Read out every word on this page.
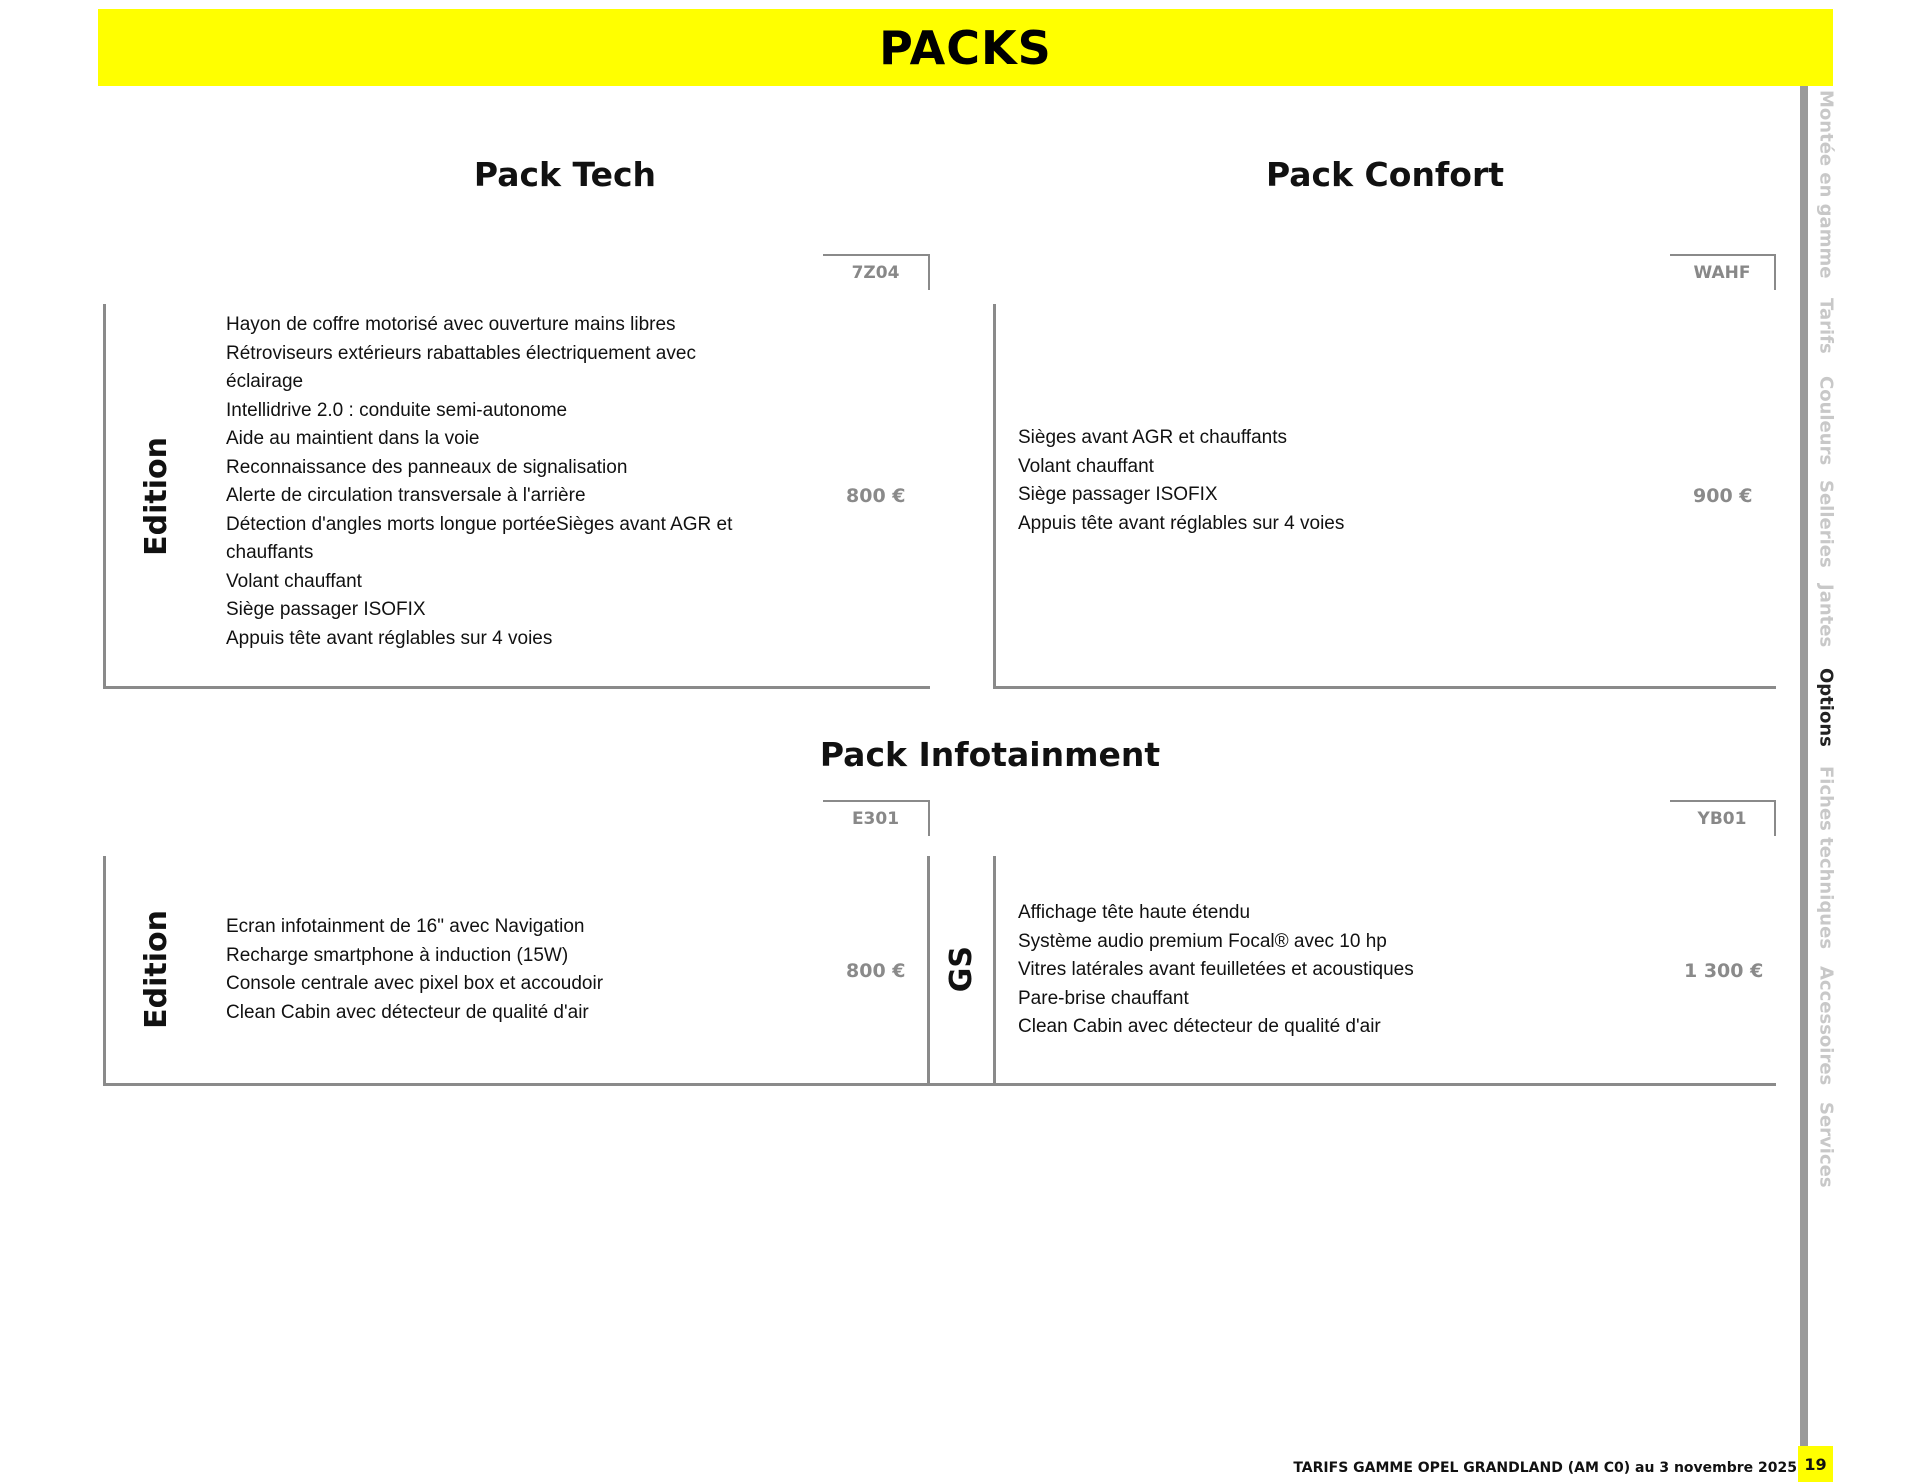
PACKS
Montée en gamme
Tarifs
Couleurs
Selleries
Jantes
Options
Fiches techniques
Accessoires
Services
Pack Tech
7Z04
Edition
Hayon de coffre motorisé avec ouverture mains libres
Rétroviseurs extérieurs rabattables électriquement avec
éclairage
Intellidrive 2.0 : conduite semi-autonome
Aide au maintient dans la voie
Reconnaissance des panneaux de signalisation
Alerte de circulation transversale à l'arrière
Détection d'angles morts longue portéeSièges avant AGR et
chauffants
Volant chauffant
Siège passager ISOFIX
Appuis tête avant réglables sur 4 voies
800 €
Pack Confort
WAHF
Sièges avant AGR et chauffants
Volant chauffant
Siège passager ISOFIX
Appuis tête avant réglables sur 4 voies
900 €
Pack Infotainment
E301	YB01
Edition	Ecran infotainment de 16" avec Navigation
Recharge smartphone à induction (15W)
Console centrale avec pixel box et accoudoir
Clean Cabin avec détecteur de qualité d'air
800 € GS
Affichage tête haute étendu
Système audio premium Focal® avec 10 hp
Vitres latérales avant feuilletées et acoustiques
Pare-brise chauffant
Clean Cabin avec détecteur de qualité d'air
1 300 €
TARIFS GAMME OPEL GRANDLAND (AM C0) au 3 novembre 2025 19
